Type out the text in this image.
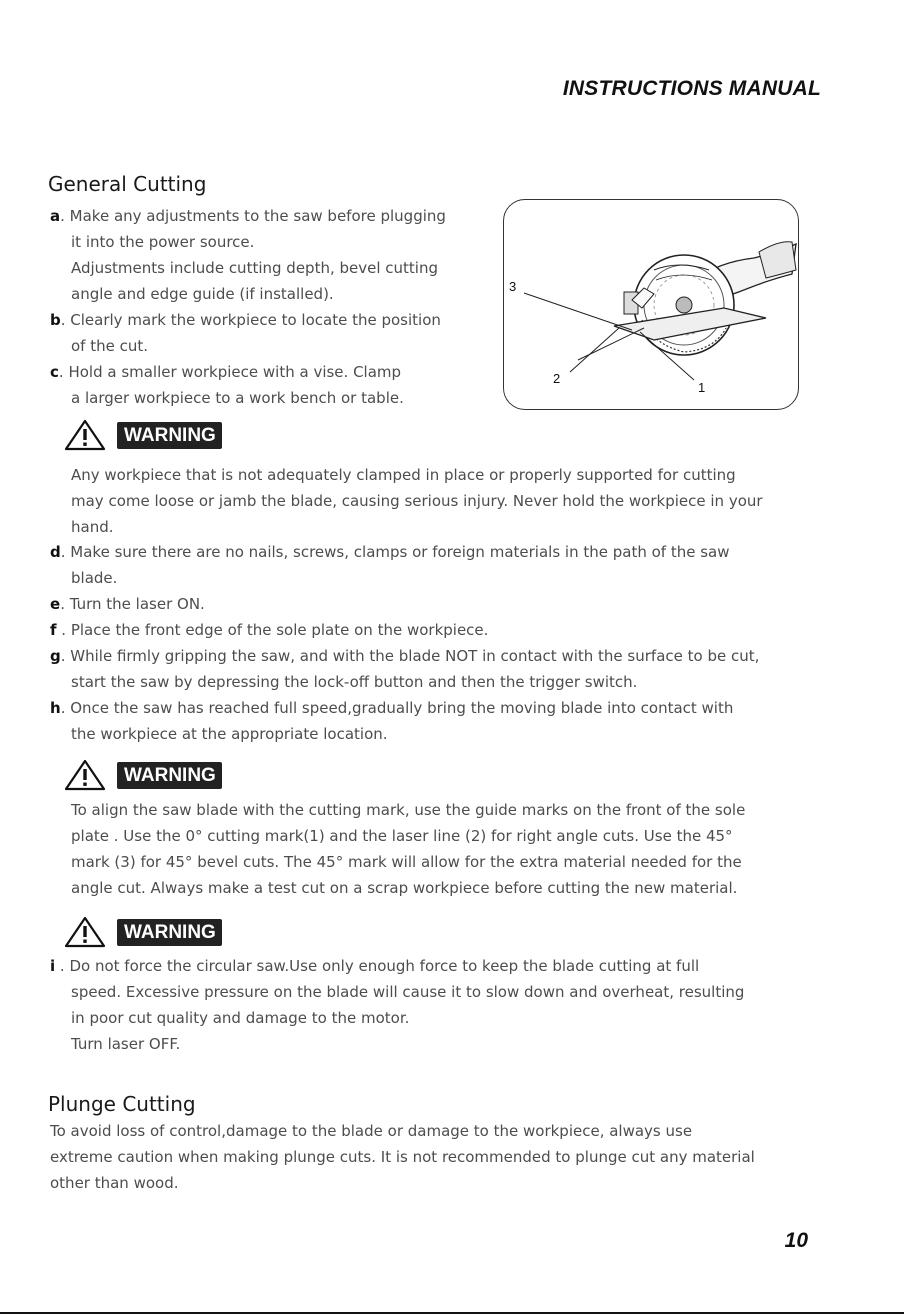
INSTRUCTIONS MANUAL
General Cutting
a. Make any adjustments to the saw before plugging
it into the power source.
Adjustments include cutting depth, bevel cutting
angle and edge guide (if installed).
b. Clearly mark the workpiece to locate the position
of the cut.
c. Hold a smaller workpiece with a vise. Clamp
a larger workpiece to a work bench or table.
3
2
1
WARNING
Any workpiece that is not adequately clamped in place or properly supported for cutting
may come loose or jamb the blade, causing serious injury. Never hold the workpiece in your
hand.
d. Make sure there are no nails, screws, clamps or foreign materials in the path of the saw
blade.
e. Turn the laser ON.
f . Place the front edge of the sole plate on the workpiece.
g. While firmly gripping the saw, and with the blade NOT in contact with the surface to be cut,
start the saw by depressing the lock-off button and then the trigger switch.
h. Once the saw has reached full speed,gradually bring the moving blade into contact with
the workpiece at the appropriate location.
WARNING
To align the saw blade with the cutting mark, use the guide marks on the front of the sole
plate . Use the 0° cutting mark(1) and the laser line (2) for right angle cuts. Use the 45°
mark (3) for 45° bevel cuts. The 45° mark will allow for the extra material needed for the
angle cut. Always make a test cut on a scrap workpiece before cutting the new material.
WARNING
i . Do not force the circular saw.Use only enough force to keep the blade cutting at full
speed. Excessive pressure on the blade will cause it to slow down and overheat, resulting
in poor cut quality and damage to the motor.
Turn laser OFF.
Plunge Cutting
To avoid loss of control,damage to the blade or damage to the workpiece, always use
extreme caution when making plunge cuts. It is not recommended to plunge cut any material
other than wood.
10
